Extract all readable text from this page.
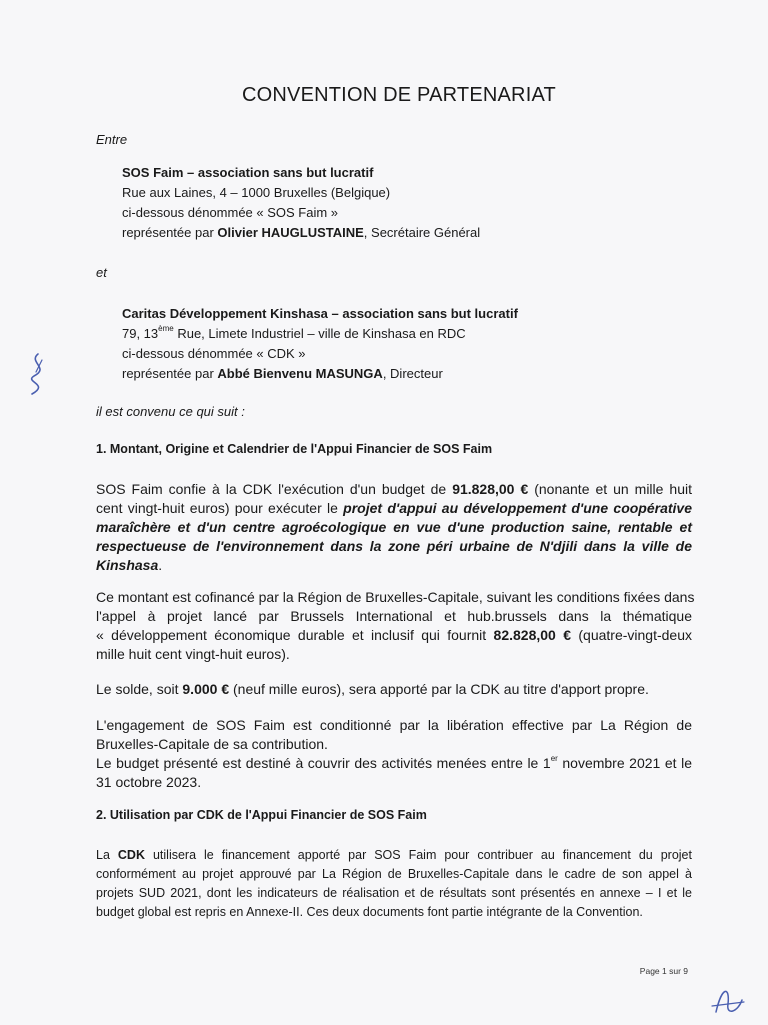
CONVENTION DE PARTENARIAT
Entre
SOS Faim – association sans but lucratif
Rue aux Laines, 4 – 1000 Bruxelles (Belgique)
ci-dessous dénommée « SOS Faim »
représentée par Olivier HAUGLUSTAINE, Secrétaire Général
et
Caritas Développement Kinshasa – association sans but lucratif
79, 13ème Rue, Limete Industriel – ville de Kinshasa en RDC
ci-dessous dénommée « CDK »
représentée par Abbé Bienvenu MASUNGA, Directeur
il est convenu ce qui suit :
1. Montant, Origine et Calendrier de l'Appui Financier de SOS Faim
SOS Faim confie à la CDK l'exécution d'un budget de 91.828,00 € (nonante et un mille huit
cent vingt-huit euros) pour exécuter le projet d'appui au développement d'une coopérative
maraîchère et d'un centre agroécologique en vue d'une production saine, rentable et
respectueuse de l'environnement dans la zone péri urbaine de N'djili dans la ville de
Kinshasa.
Ce montant est cofinancé par la Région de Bruxelles-Capitale, suivant les conditions fixées dans
l'appel à projet lancé par Brussels International et hub.brussels dans la thématique
« développement économique durable et inclusif qui fournit 82.828,00 € (quatre-vingt-deux
mille huit cent vingt-huit euros).
Le solde, soit 9.000 € (neuf mille euros), sera apporté par la CDK au titre d'apport propre.
L'engagement de SOS Faim est conditionné par la libération effective par La Région de
Bruxelles-Capitale de sa contribution.
Le budget présenté est destiné à couvrir des activités menées entre le 1er novembre 2021 et le
31 octobre 2023.
2. Utilisation par CDK de l'Appui Financier de SOS Faim
La CDK utilisera le financement apporté par SOS Faim pour contribuer au financement du projet
conformément au projet approuvé par La Région de Bruxelles-Capitale dans le cadre de son appel à
projets SUD 2021, dont les indicateurs de réalisation et de résultats sont présentés en annexe – I et le
budget global est repris en Annexe-II. Ces deux documents font partie intégrante de la Convention.
Page 1 sur 9
